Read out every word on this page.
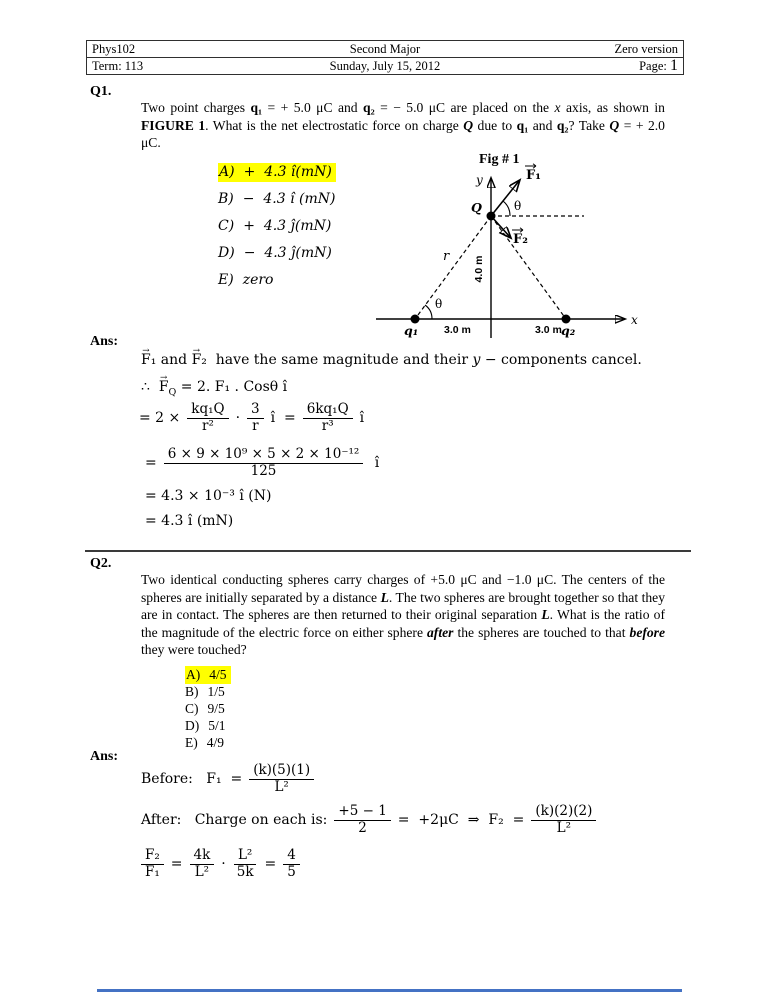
Phys102	Second Major	Zero version
Term: 113	Sunday, July 15, 2012	Page: 1
Q1.
Two point charges q₁ = + 5.0 μC and q₂ = − 5.0 μC are placed on the x axis, as shown in FIGURE 1. What is the net electrostatic force on charge Q due to q₁ and q₂? Take Q = + 2.0 μC.
A) +  4.3 î(mN)
B) −  4.3 î (mN)
C) +  4.3 ĵ(mN)
D) −  4.3 ĵ(mN)
E) zero
Fig # 1
y
x
F₁
F₂
θ
θ
Q
q₁	q₂
r 4.0 m
3.0 m	3.0 m
Ans:
→ F₁ and → F₂  have the same magnitude and their y − components cancel.
∴  → $F_Q = 2$. F₁ . Cosθ î
= $2 \times \frac{\text{kq₁Q}}{\text{r²}} \cdot \frac{3}{r}$ î  = $\frac{\text{6kq₁Q}}{\text{r³}}$ î
= $\frac{\text{6 × 9 × 10⁹ × 5 × 2 × 10⁻¹²}}{125}$ î
= 4.3 × 10⁻³ î (N)
= 4.3 î (mN)
Q2.
Two identical conducting spheres carry charges of +5.0 μC and −1.0 μC. The centers of the spheres are initially separated by a distance L. The two spheres are brought together so that they are in contact. The spheres are then returned to their original separation L. What is the ratio of the magnitude of the electric force on either sphere after the spheres are touched to that before they were touched?
A) 4/5
B) 1/5
C) 9/5
D) 5/1
E) 4/9
Ans:
Before:   $F_1 = \frac{(k)(5)(1)}{\text{L²}}$
After:   Charge on each is: $\frac{+5 - 1}{2} = +2\mu C$  ⇒  $F_2 = \frac{(k)(2)(2)}{\text{L²}}$
$\frac{\text{F₂}}{\text{F₁}} = \frac{4k}{\text{L²}} \cdot \frac{\text{L²}}{5k} = \frac{4}{5}$
